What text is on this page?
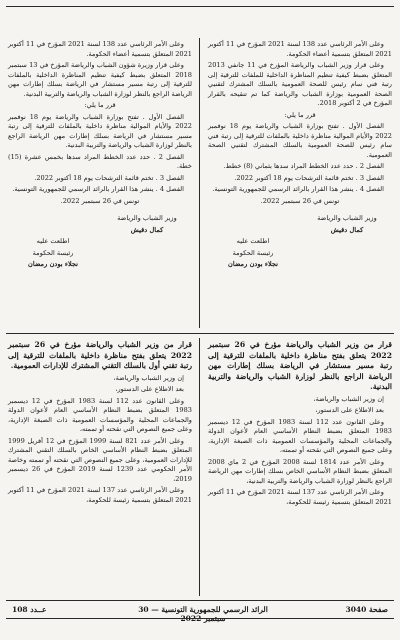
وعلى الأمر الرئاسي عدد 138 لسنة 2021 المؤرخ في 11 أكتوبر 2021 المتعلق بتسمية أعضاء الحكومة.

وعلى قرار وزير الشباب والرياضة المؤرخ في 11 جانفي 2013 المتعلق بضبط كيفية تنظيم المناظرة الداخلية للملفات للترقية إلى رتبة فني سام رئيس للصحة العمومية بالسلك المشترك لتقنيي الصحة العمومية بوزارة الشباب والرياضة كما تم تنقيحه بالقرار المؤرخ في 2 أكتوبر 2018.

قرر ما يلي:

الفصل الأول . تفتح بوزارة الشباب والرياضة يوم 18 نوفمبر 2022 والأيام الموالية مناظرة داخلية بالملفات للترقية إلى رتبة فني سام رئيس للصحة العمومية بالسلك المشترك لتقنيي الصحة العمومية.

الفصل 2 . حدد عدد الخطط المراد سدها بثماني (8) خطط.

الفصل 3 . تختم قائمة الترشحات يوم 18 أكتوبر 2022.

الفصل 4 . ينشر هذا القرار بالرائد الرسمي للجمهورية التونسية.

تونس في 26 سبتمبر 2022.

وزير الشباب والرياضة

كمال دقيش

اطلعت عليه

رئيسة الحكومة

نجلاء بودن رمضان

وعلى الأمر الرئاسي عدد 138 لسنة 2021 المؤرخ في 11 أكتوبر 2021 المتعلق بتسمية أعضاء الحكومة.

وعلى قرار وزيرة شؤون الشباب والرياضة المؤرخ في 13 سبتمبر 2018 المتعلق بضبط كيفية تنظيم المناظرة الداخلية بالملفات للترقية إلى رتبة مسير مستشار في الرياضة بسلك إطارات مهن الرياضة الراجع بالنظر لوزارة الشباب والرياضة والتربية البدنية.

قرر ما يلي:

الفصل الأول . تفتح بوزارة الشباب والرياضة يوم 18 نوفمبر 2022 والأيام الموالية مناظرة داخلية بالملفات للترقية إلى رتبة مسير مستشار في الرياضة بسلك إطارات مهن الرياضة الراجع بالنظر لوزارة الشباب والرياضة والتربية البدنية.

الفصل 2 . حدد عدد الخطط المراد سدها بخمس عشرة (15) خطة.

الفصل 3 . تختم قائمة الترشحات يوم 18 أكتوبر 2022.

الفصل 4 . ينشر هذا القرار بالرائد الرسمي للجمهورية التونسية.

تونس في 26 سبتمبر 2022.

وزير الشباب والرياضة

كمال دقيش

اطلعت عليه

رئيسة الحكومة

نجلاء بودن رمضان

قرار من وزير الشباب والرياضة مؤرخ في 26 سبتمبر 2022 يتعلق بفتح مناظرة داخلية بالملفات للترقية إلى رتبة مسير مستشار في الرياضة بسلك إطارات مهن الرياضة الراجع بالنظر لوزارة الشباب والرياضة والتربية البدنية.

إن وزير الشباب والرياضة،

بعد الاطلاع على الدستور،

وعلى القانون عدد 112 لسنة 1983 المؤرخ في 12 ديسمبر 1983 المتعلق بضبط النظام الأساسي العام لأعوان الدولة والجماعات المحلية والمؤسسات العمومية ذات الصبغة الإدارية، وعلى جميع النصوص التي نقحته أو تممته،

وعلى الأمر عدد 1814 لسنة 2008 المؤرخ في 2 ماي 2008 المتعلق بضبط النظام الأساسي الخاص بسلك إطارات مهن الرياضة الراجع بالنظر لوزارة الشباب والرياضة والتربية البدنية،

وعلى الأمر الرئاسي عدد 137 لسنة 2021 المؤرخ في 11 أكتوبر 2021 المتعلق بتسمية رئيسة للحكومة،

قرار من وزير الشباب والرياضة مؤرخ في 26 سبتمبر 2022 يتعلق بفتح مناظرة داخلية بالملفات للترقية إلى رتبة تقني أول بالسلك التقني المشترك للإدارات العمومية.

إن وزير الشباب والرياضة،

بعد الاطلاع على الدستور،

وعلى القانون عدد 112 لسنة 1983 المؤرخ في 12 ديسمبر 1983 المتعلق بضبط النظام الأساسي العام لأعوان الدولة والجماعات المحلية والمؤسسات العمومية ذات الصبغة الإدارية، وعلى جميع النصوص التي نقحته أو تممته،

وعلى الأمر عدد 821 لسنة 1999 المؤرخ في 12 أفريل 1999 المتعلق بضبط النظام الأساسي الخاص بالسلك التقني المشترك للإدارات العمومية، وعلى جميع النصوص التي نقحته أو تممته وخاصة الأمر الحكومي عدد 1239 لسنة 2019 المؤرخ في 26 ديسمبر 2019،

وعلى الأمر الرئاسي عدد 137 لسنة 2021 المؤرخ في 11 أكتوبر 2021 المتعلق بتسمية رئيسة للحكومة،

صفحة 3040
الرائد الرسمي للجمهورية التونسية — 30
عــدد 108
